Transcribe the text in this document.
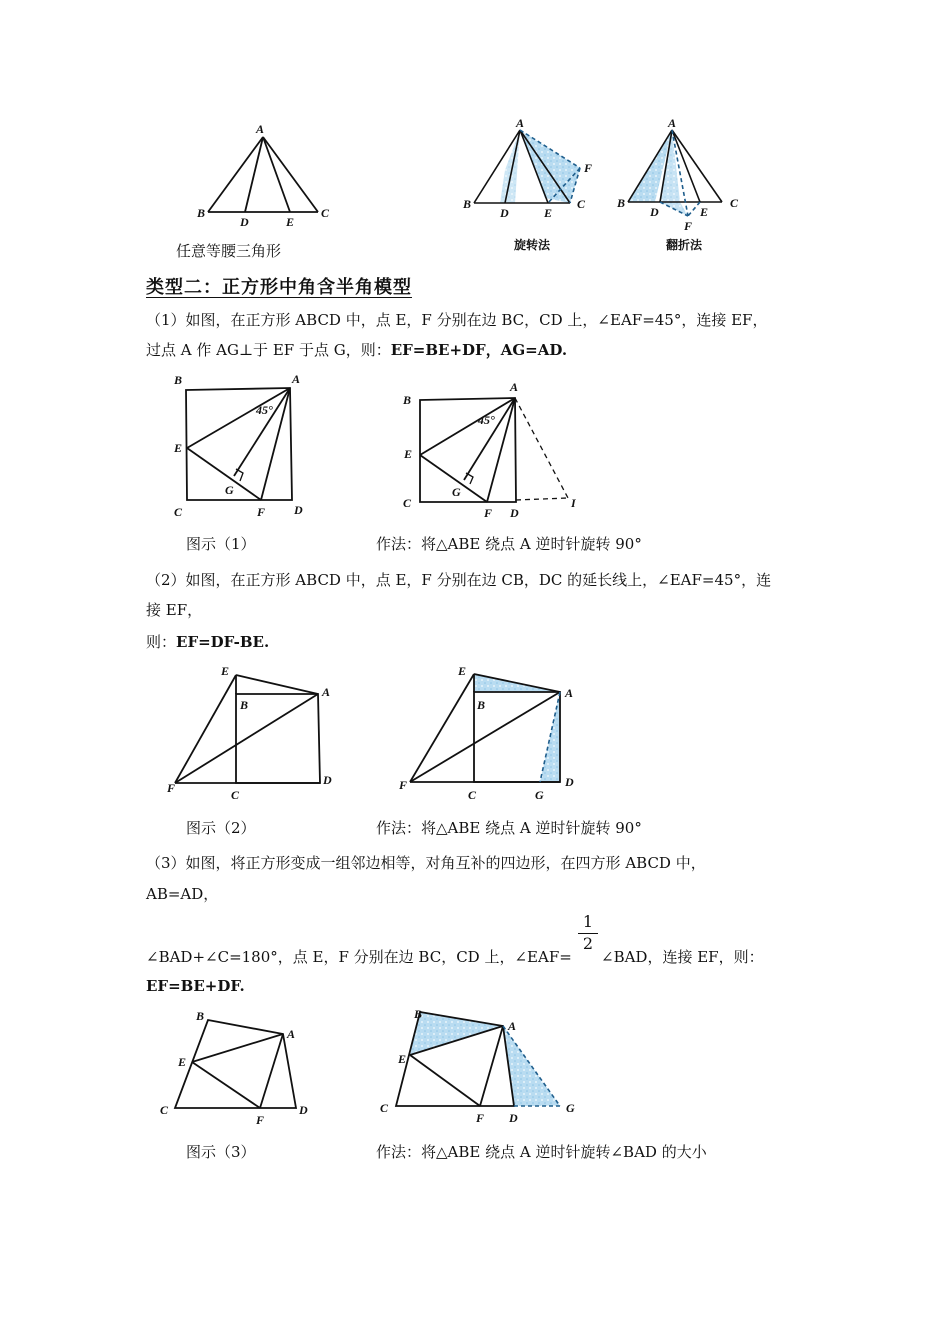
A
B
D	E
C
A
B
D	E
C
F
旋转法
A
B
D	E
C
F
翻折法
B	A
E
C
G
F D
45°
B
A
E
C
G
F D
I
45°
E
B
A
F	C
D
E
B
A
F
C	G
D
B
A
E
C
F
D
B
A
E
C
F D
G
任意等腰三角形
类型二：正方形中角含半角模型
（1）如图，在正方形 ABCD 中，点 E，F 分别在边 BC，CD 上，∠EAF=45°，连接 EF，
过点 A 作 AG⊥于 EF 于点 G，则：EF=BE+DF，AG=AD.
图示（1）	作法：将△ABE 绕点 A 逆时针旋转 90°
（2）如图，在正方形 ABCD 中，点 E，F 分别在边 CB，DC 的延长线上，∠EAF=45°，连
接 EF，
则：EF=DF-BE.
图示（2）	作法：将△ABE 绕点 A 逆时针旋转 90°
（3）如图，将正方形变成一组邻边相等，对角互补的四边形，在四方形 ABCD 中，
AB=AD，
$\frac{1}{2}$
∠BAD+∠C=180°，点 E，F 分别在边 BC，CD 上，∠EAF= ∠BAD，连接 EF，则：
EF=BE+DF.
图示（3）	作法：将△ABE 绕点 A 逆时针旋转∠BAD 的大小
